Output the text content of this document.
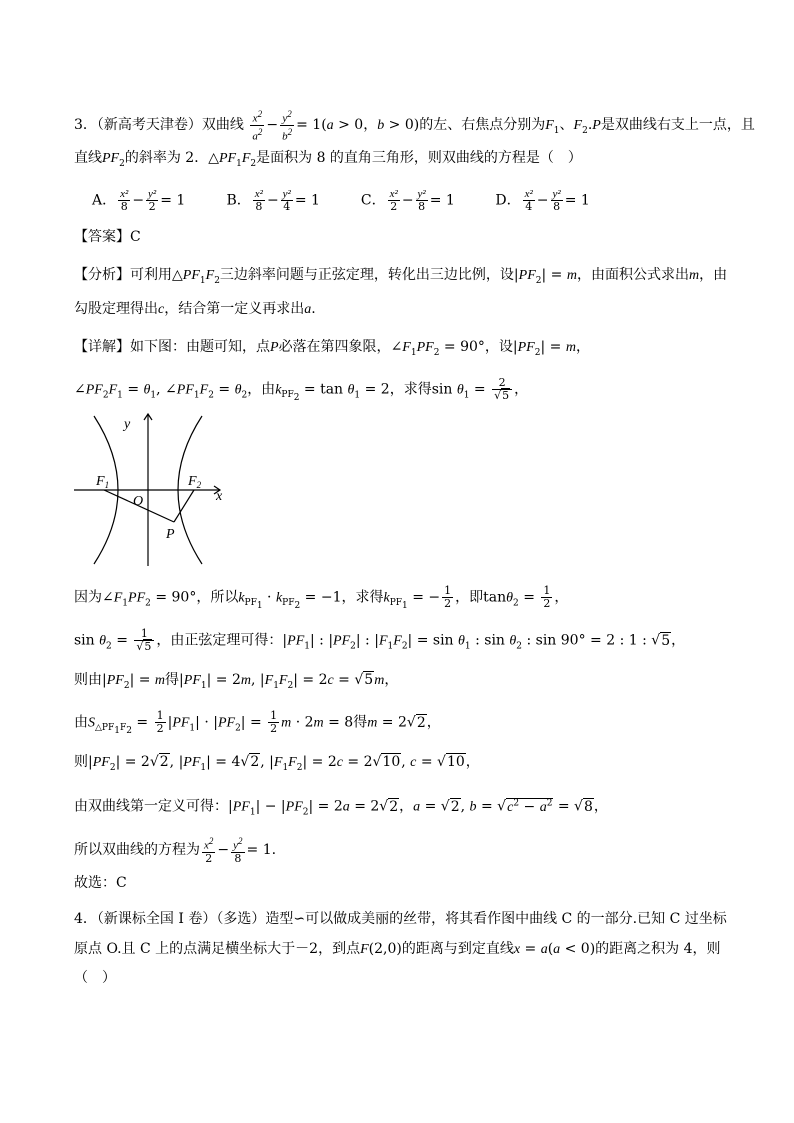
3．（新高考天津卷）双曲线 $\frac{x^2}{a^2} - \frac{y^2}{b^2} = 1(a > 0$，b > 0)的左、右焦点分别为$F_1$、$F_2.P$是双曲线右支上一点，且
直线$PF_2$的斜率为 2．$\triangle PF_1F_2$是面积为 8 的直角三角形，则双曲线的方程是（　）
A． $\frac{\text{x²}}{8} - \frac{\text{y²}}{2} = 1$	B． $\frac{\text{x²}}{8} - \frac{\text{y²}}{4} = 1$	C． $\frac{\text{x²}}{2} - \frac{\text{y²}}{8} = 1$	D． $\frac{\text{x²}}{4} - \frac{\text{y²}}{8} = 1$
【答案】C
【分析】可利用$\triangle PF_1F_2$三边斜率问题与正弦定理，转化出三边比例，设$|PF_2| = m$，由面积公式求出m，由
勾股定理得出c，结合第一定义再求出a.
【详解】如下图：由题可知，点P必落在第四象限，$\angle F_1PF_2 = 90^\circ$，设$|PF_2| = m$，
$\angle PF_2F_1 = \theta_1$, $\angle PF_1F_2 = \theta_2$，由$k_{PF_2} = \tan \theta_1 = 2$，求得$\sin \theta_1 = \frac{2}{√5}$ ，
y
x
O
$F_1$	$F_2$
P
因为$\angle F_1PF_2 = 90^\circ$，所以$k_{PF_1} \cdot k_{PF_2} = -1$，求得$k_{PF_1}$ = − $\frac{1}{2}$ ，即$\tan\theta_2 = \frac{1}{2}$ ，
$\sin \theta_2 = \frac{1}{√5}$ ，由正弦定理可得：$|PF_1|$ : $|PF_2|$ : $|F_1F_2| = \sin \theta_1$ : $\sin \theta_2$ : sin 90° = 2 : 1 : √5，
则由$|PF_2| = m$得$|PF_1| = 2m$, $|F_1F_2| = 2c = √5m$，
由$S_{\triangle PF_1F_2} = \frac{1}{2} |PF_1| \cdot |PF_2| = \frac{1}{2}$ m · 2m = 8得m = 2√2，
则$|PF_2| = 2√2$, $|PF_1| = 4√2$, $|F_1F_2| = 2c = 2√10$, c = √10，
由双曲线第一定义可得：$|PF_1| - |PF_2| = 2a = 2√2$，a = √2, $b = √c^2 - a^2 = √8$，
所以双曲线的方程为 $\frac{x^2}{2} - \frac{y^2}{8} = 1$.
故选：C
4．（新课标全国 I 卷）（多选）造型∽可以做成美丽的丝带，将其看作图中曲线 C 的一部分.已知 C 过坐标
原点 O.且 C 上的点满足横坐标大于－2，到点F(2,0)的距离与到定直线x = a(a < 0)的距离之积为 4，则
（　）
